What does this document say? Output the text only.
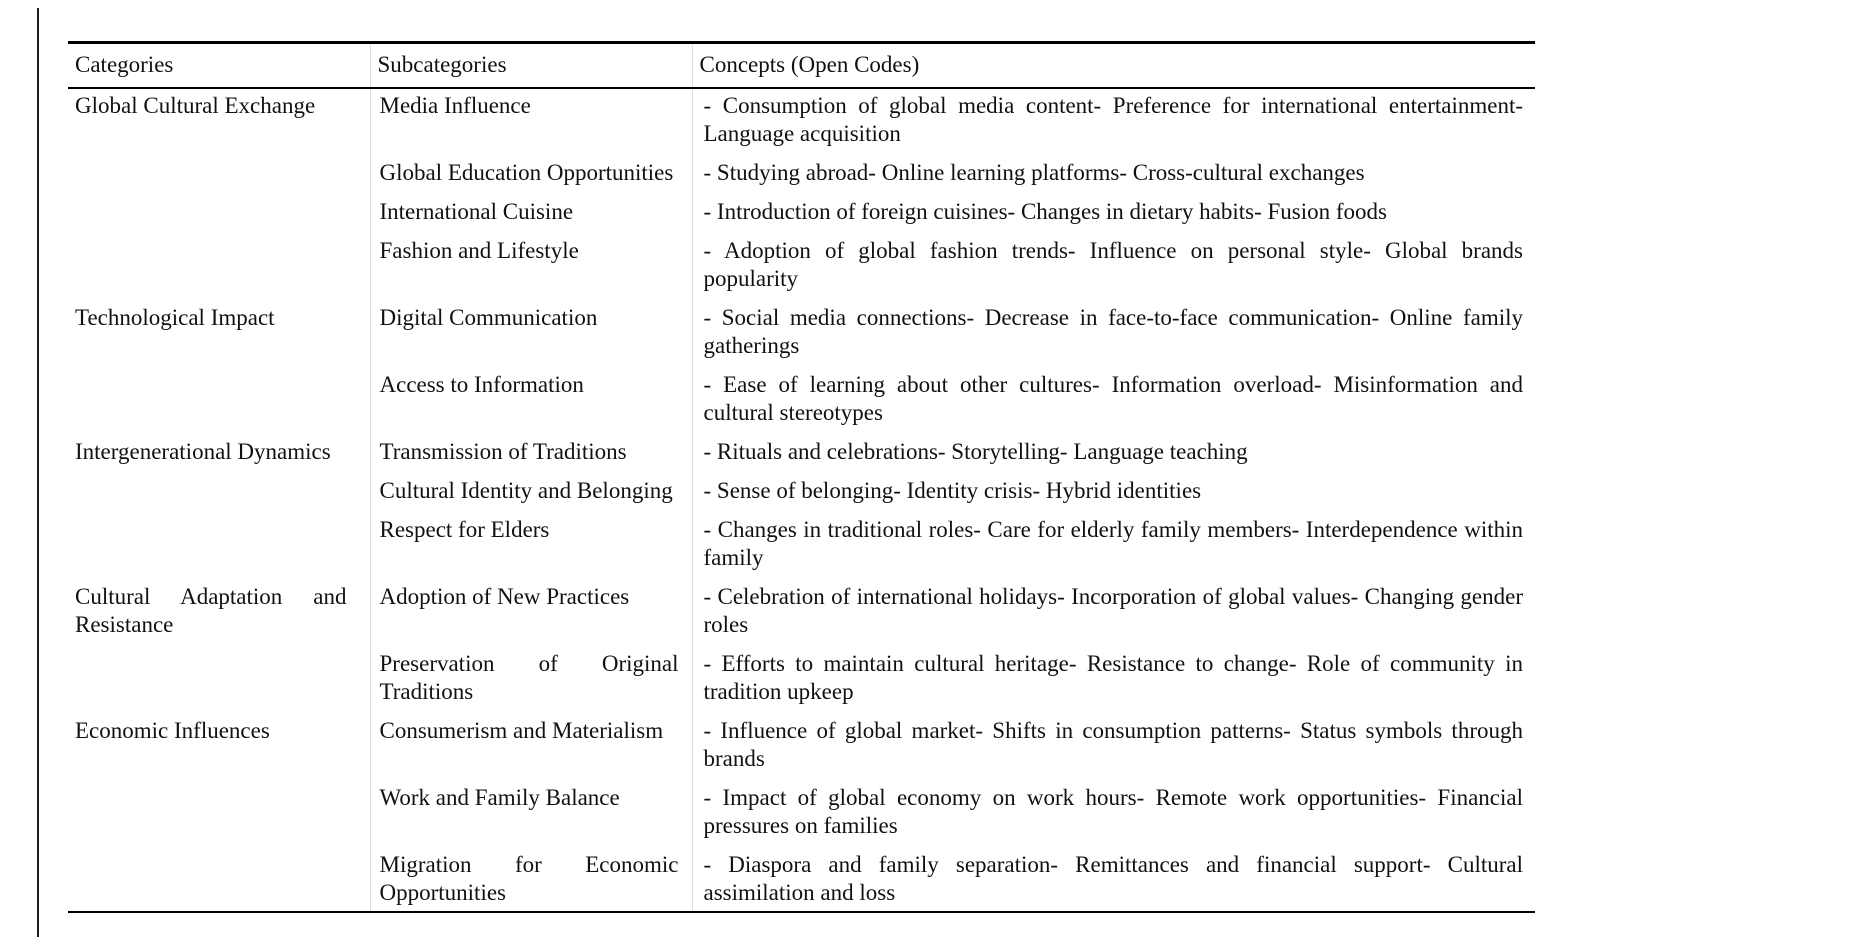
Categories	Subcategories	Concepts (Open Codes)
Global Cultural Exchange	Media Influence	- Consumption of global media content- Preference for international entertainment- Language acquisition
	Global Education Opportunities	- Studying abroad- Online learning platforms- Cross-cultural exchanges
	International Cuisine	- Introduction of foreign cuisines- Changes in dietary habits- Fusion foods
	Fashion and Lifestyle	- Adoption of global fashion trends- Influence on personal style- Global brands popularity
Technological Impact	Digital Communication	- Social media connections- Decrease in face-to-face communication- Online family gatherings
	Access to Information	- Ease of learning about other cultures- Information overload- Misinformation and cultural stereotypes
Intergenerational Dynamics	Transmission of Traditions	- Rituals and celebrations- Storytelling- Language teaching
	Cultural Identity and Belonging	- Sense of belonging- Identity crisis- Hybrid identities
	Respect for Elders	- Changes in traditional roles- Care for elderly family members- Interdependence within family
Cultural Adaptation and Resistance	Adoption of New Practices	- Celebration of international holidays- Incorporation of global values- Changing gender roles
	Preservation of Original Traditions	- Efforts to maintain cultural heritage- Resistance to change- Role of community in tradition upkeep
Economic Influences	Consumerism and Materialism	- Influence of global market- Shifts in consumption patterns- Status symbols through brands
	Work and Family Balance	- Impact of global economy on work hours- Remote work opportunities- Financial pressures on families
	Migration for Economic Opportunities	- Diaspora and family separation- Remittances and financial support- Cultural assimilation and loss
